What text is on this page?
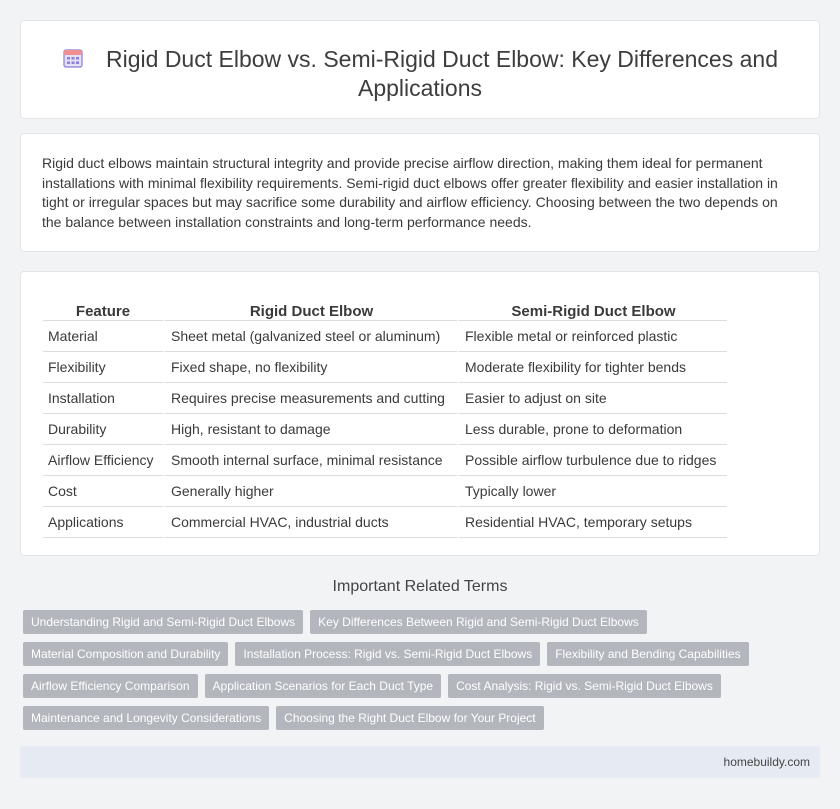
Rigid Duct Elbow vs. Semi-Rigid Duct Elbow: Key Differences and Applications

Rigid duct elbows maintain structural integrity and provide precise airflow direction, making them ideal for permanent installations with minimal flexibility requirements. Semi-rigid duct elbows offer greater flexibility and easier installation in tight or irregular spaces but may sacrifice some durability and airflow efficiency. Choosing between the two depends on the balance between installation constraints and long-term performance needs.

Feature	Rigid Duct Elbow	Semi-Rigid Duct Elbow
Material	Sheet metal (galvanized steel or aluminum)	Flexible metal or reinforced plastic
Flexibility	Fixed shape, no flexibility	Moderate flexibility for tighter bends
Installation	Requires precise measurements and cutting	Easier to adjust on site
Durability	High, resistant to damage	Less durable, prone to deformation
Airflow Efficiency	Smooth internal surface, minimal resistance	Possible airflow turbulence due to ridges
Cost	Generally higher	Typically lower
Applications	Commercial HVAC, industrial ducts	Residential HVAC, temporary setups
Important Related Terms
Understanding Rigid and Semi-Rigid Duct Elbows Key Differences Between Rigid and Semi-Rigid Duct Elbows
Material Composition and Durability Installation Process: Rigid vs. Semi-Rigid Duct Elbows Flexibility and Bending Capabilities
Airflow Efficiency Comparison Application Scenarios for Each Duct Type Cost Analysis: Rigid vs. Semi-Rigid Duct Elbows
Maintenance and Longevity Considerations Choosing the Right Duct Elbow for Your Project
homebuildy.com
